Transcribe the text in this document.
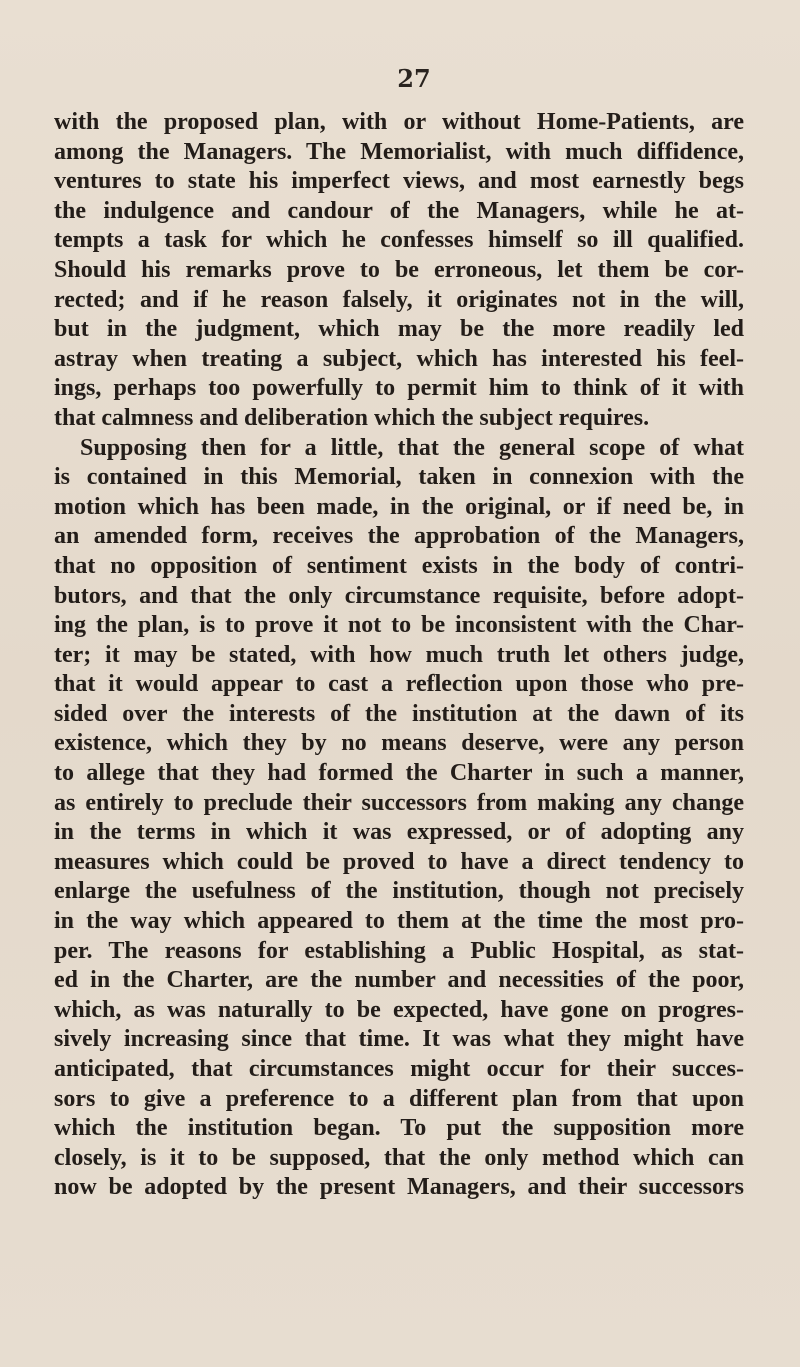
27
with the proposed plan, with or without Home-Patients, are
among the Managers. The Memorialist, with much diffidence,
ventures to state his imperfect views, and most earnestly begs
the indulgence and candour of the Managers, while he at-
tempts a task for which he confesses himself so ill qualified.
Should his remarks prove to be erroneous, let them be cor-
rected; and if he reason falsely, it originates not in the will,
but in the judgment, which may be the more readily led
astray when treating a subject, which has interested his feel-
ings, perhaps too powerfully to permit him to think of it with
that calmness and deliberation which the subject requires.
Supposing then for a little, that the general scope of what
is contained in this Memorial, taken in connexion with the
motion which has been made, in the original, or if need be, in
an amended form, receives the approbation of the Managers,
that no opposition of sentiment exists in the body of contri-
butors, and that the only circumstance requisite, before adopt-
ing the plan, is to prove it not to be inconsistent with the Char-
ter; it may be stated, with how much truth let others judge,
that it would appear to cast a reflection upon those who pre-
sided over the interests of the institution at the dawn of its
existence, which they by no means deserve, were any person
to allege that they had formed the Charter in such a manner,
as entirely to preclude their successors from making any change
in the terms in which it was expressed, or of adopting any
measures which could be proved to have a direct tendency to
enlarge the usefulness of the institution, though not precisely
in the way which appeared to them at the time the most pro-
per. The reasons for establishing a Public Hospital, as stat-
ed in the Charter, are the number and necessities of the poor,
which, as was naturally to be expected, have gone on progres-
sively increasing since that time. It was what they might have
anticipated, that circumstances might occur for their succes-
sors to give a preference to a different plan from that upon
which the institution began. To put the supposition more
closely, is it to be supposed, that the only method which can
now be adopted by the present Managers, and their successors
